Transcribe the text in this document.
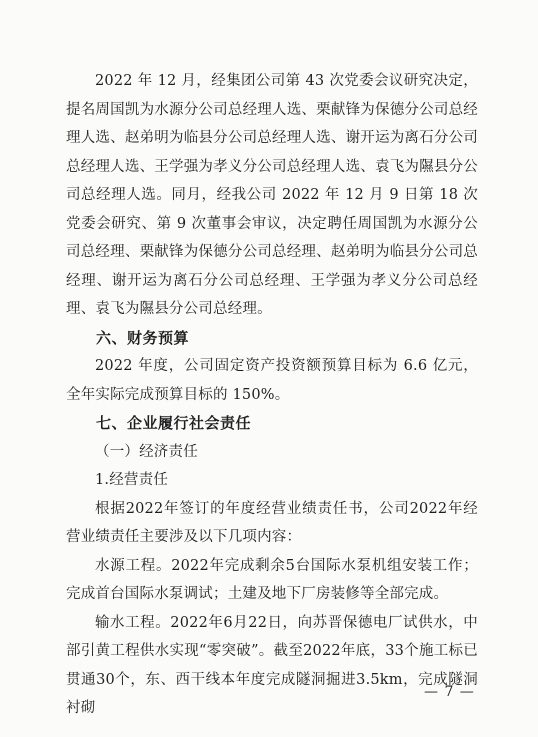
2022 年 12 月，经集团公司第 43 次党委会议研究决定，提名周国凯为水源分公司总经理人选、栗献锋为保德分公司总经理人选、赵弟明为临县分公司总经理人选、谢开运为离石分公司总经理人选、王学强为孝义分公司总经理人选、袁飞为隰县分公司总经理人选。同月，经我公司 2022 年 12 月 9 日第 18 次党委会研究、第 9 次董事会审议，决定聘任周国凯为水源分公司总经理、栗献锋为保德分公司总经理、赵弟明为临县分公司总经理、谢开运为离石分公司总经理、王学强为孝义分公司总经理、袁飞为隰县分公司总经理。

六、财务预算

2022 年度，公司固定资产投资额预算目标为 6.6 亿元，全年实际完成预算目标的 150%。

七、企业履行社会责任

（一）经济责任

1.经营责任

根据2022年签订的年度经营业绩责任书，公司2022年经营业绩责任主要涉及以下几项内容：

水源工程。2022年完成剩余5台国际水泵机组安装工作；完成首台国际水泵调试；土建及地下厂房装修等全部完成。

输水工程。2022年6月22日，向苏晋保德电厂试供水，中部引黄工程供水实现“零突破”。截至2022年底，33个施工标已贯通30个，东、西干线本年度完成隧洞掘进3.5km，完成隧洞衬砌

— 7 —
